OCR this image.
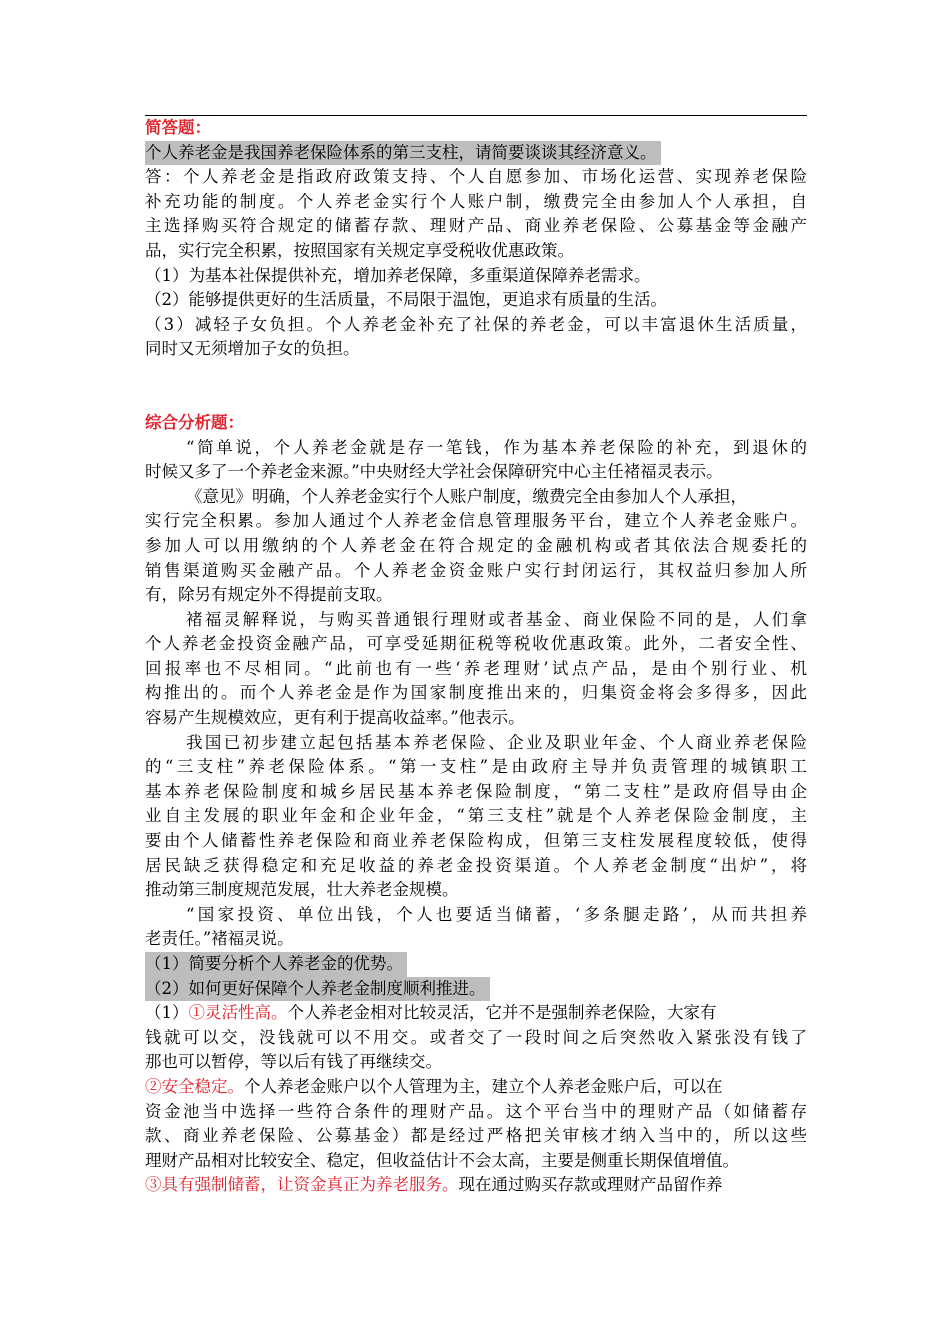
简答题：
个人养老金是我国养老保险体系的第三支柱，请简要谈谈其经济意义。
答：个人养老金是指政府政策支持、个人自愿参加、市场化运营、实现养老保险
补充功能的制度。个人养老金实行个人账户制，缴费完全由参加人个人承担，自
主选择购买符合规定的储蓄存款、理财产品、商业养老保险、公募基金等金融产
品，实行完全积累，按照国家有关规定享受税收优惠政策。
（1）为基本社保提供补充，增加养老保障，多重渠道保障养老需求。
（2）能够提供更好的生活质量，不局限于温饱，更追求有质量的生活。
（3）减轻子女负担。个人养老金补充了社保的养老金，可以丰富退休生活质量，
同时又无须增加子女的负担。
综合分析题：
“简单说，个人养老金就是存一笔钱，作为基本养老保险的补充，到退休的
时候又多了一个养老金来源。”中央财经大学社会保障研究中心主任褚福灵表示。
《意见》明确，个人养老金实行个人账户制度，缴费完全由参加人个人承担，
实行完全积累。参加人通过个人养老金信息管理服务平台，建立个人养老金账户。
参加人可以用缴纳的个人养老金在符合规定的金融机构或者其依法合规委托的
销售渠道购买金融产品。个人养老金资金账户实行封闭运行，其权益归参加人所
有，除另有规定外不得提前支取。
褚福灵解释说，与购买普通银行理财或者基金、商业保险不同的是，人们拿
个人养老金投资金融产品，可享受延期征税等税收优惠政策。此外，二者安全性、
回报率也不尽相同。“此前也有一些‘养老理财’试点产品，是由个别行业、机
构推出的。而个人养老金是作为国家制度推出来的，归集资金将会多得多，因此
容易产生规模效应，更有利于提高收益率。”他表示。
我国已初步建立起包括基本养老保险、企业及职业年金、个人商业养老保险
的“三支柱”养老保险体系。“第一支柱”是由政府主导并负责管理的城镇职工
基本养老保险制度和城乡居民基本养老保险制度，“第二支柱”是政府倡导由企
业自主发展的职业年金和企业年金，“第三支柱”就是个人养老保险金制度，主
要由个人储蓄性养老保险和商业养老保险构成，但第三支柱发展程度较低，使得
居民缺乏获得稳定和充足收益的养老金投资渠道。个人养老金制度“出炉”，将
推动第三制度规范发展，壮大养老金规模。
“国家投资、单位出钱，个人也要适当储蓄，‘多条腿走路’，从而共担养
老责任。”褚福灵说。
（1）简要分析个人养老金的优势。
（2）如何更好保障个人养老金制度顺利推进。
（1）①灵活性高。个人养老金相对比较灵活，它并不是强制养老保险，大家有
钱就可以交，没钱就可以不用交。或者交了一段时间之后突然收入紧张没有钱了
那也可以暂停，等以后有钱了再继续交。
②安全稳定。个人养老金账户以个人管理为主，建立个人养老金账户后，可以在
资金池当中选择一些符合条件的理财产品。这个平台当中的理财产品（如储蓄存
款、商业养老保险、公募基金）都是经过严格把关审核才纳入当中的，所以这些
理财产品相对比较安全、稳定，但收益估计不会太高，主要是侧重长期保值增值。
③具有强制储蓄，让资金真正为养老服务。现在通过购买存款或理财产品留作养
